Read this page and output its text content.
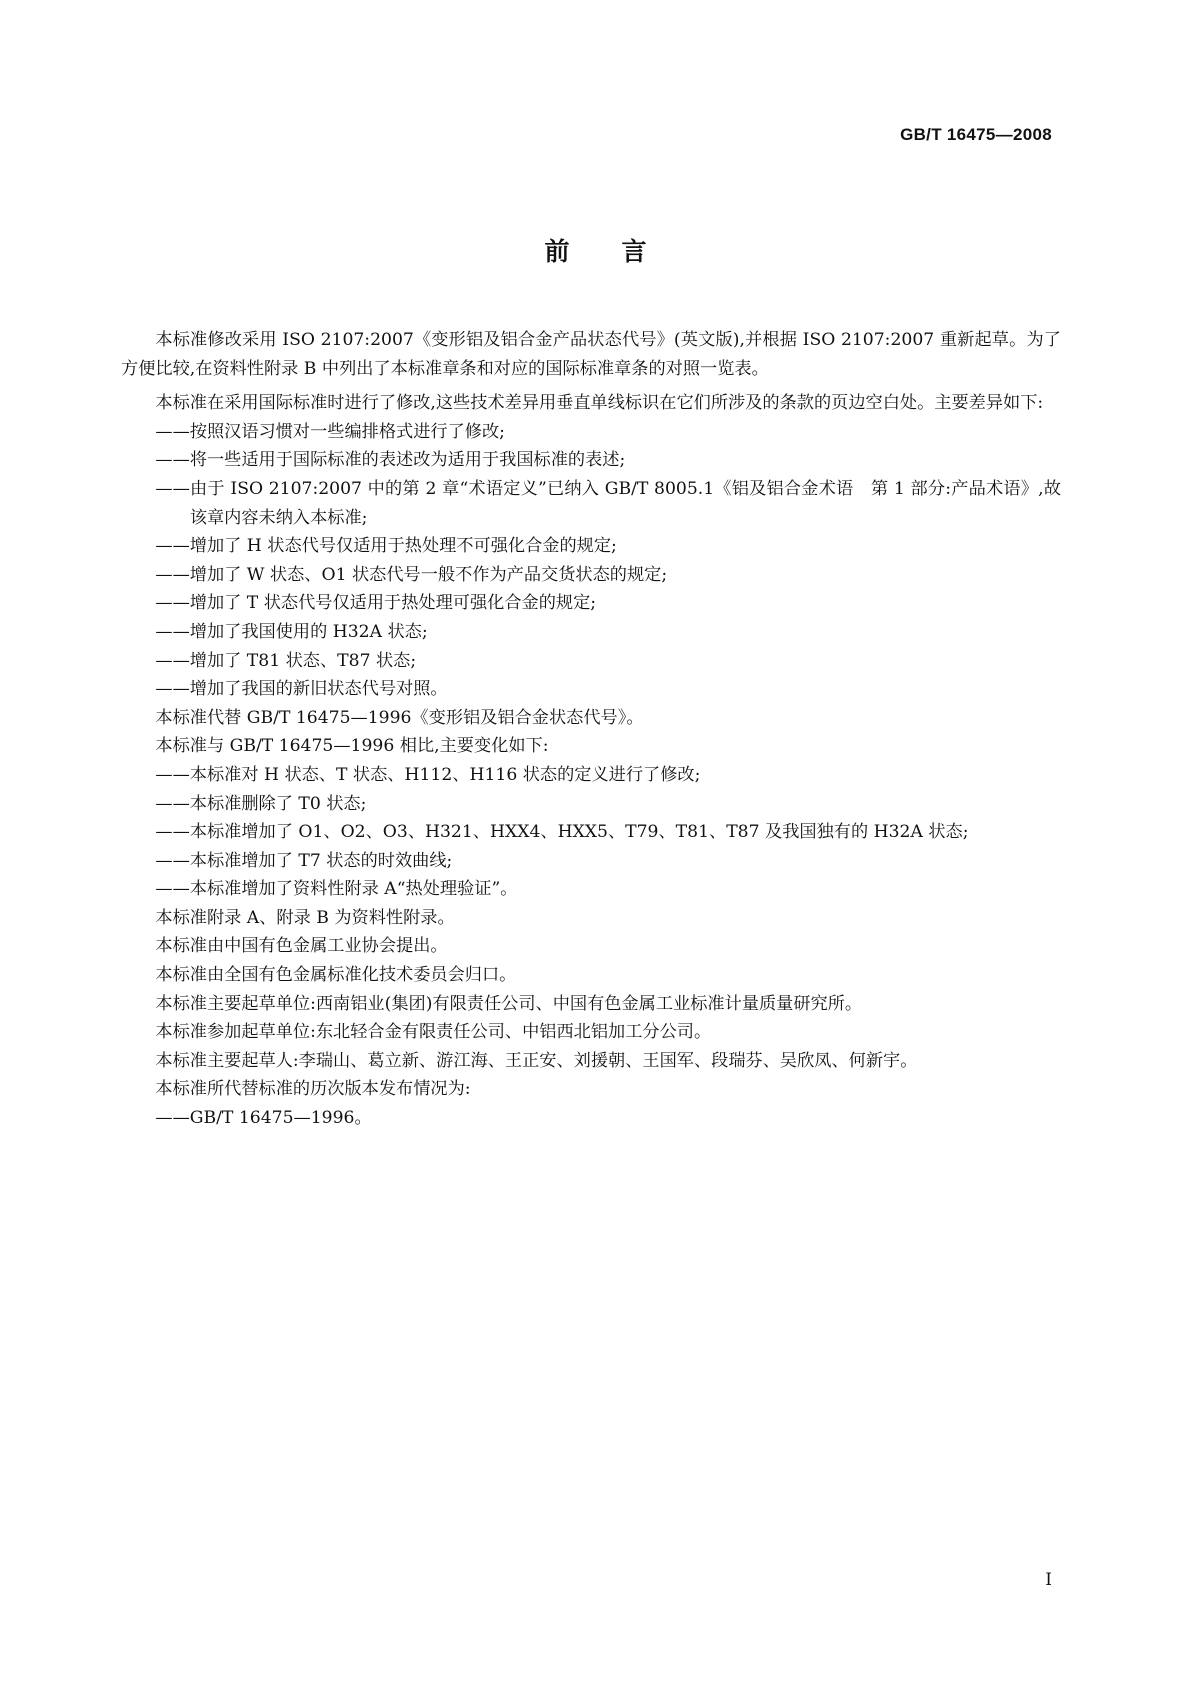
GB/T 16475—2008
前言

本标准修改采用 ISO 2107:2007《变形铝及铝合金产品状态代号》(英文版),并根据 ISO 2107:2007 重新起草。为了方便比较,在资料性附录 B 中列出了本标准章条和对应的国际标准章条的对照一览表。

本标准在采用国际标准时进行了修改,这些技术差异用垂直单线标识在它们所涉及的条款的页边空白处。主要差异如下:

——按照汉语习惯对一些编排格式进行了修改;

——将一些适用于国际标准的表述改为适用于我国标准的表述;

——由于 ISO 2107:2007 中的第 2 章“术语定义”已纳入 GB/T 8005.1《铝及铝合金术语　第 1 部分:产品术语》,故该章内容未纳入本标准;

——增加了 H 状态代号仅适用于热处理不可强化合金的规定;

——增加了 W 状态、O1 状态代号一般不作为产品交货状态的规定;

——增加了 T 状态代号仅适用于热处理可强化合金的规定;

——增加了我国使用的 H32A 状态;

——增加了 T81 状态、T87 状态;

——增加了我国的新旧状态代号对照。

本标准代替 GB/T 16475—1996《变形铝及铝合金状态代号》。

本标准与 GB/T 16475—1996 相比,主要变化如下:

——本标准对 H 状态、T 状态、H112、H116 状态的定义进行了修改;

——本标准删除了 T0 状态;

——本标准增加了 O1、O2、O3、H321、HXX4、HXX5、T79、T81、T87 及我国独有的 H32A 状态;

——本标准增加了 T7 状态的时效曲线;

——本标准增加了资料性附录 A“热处理验证”。

本标准附录 A、附录 B 为资料性附录。

本标准由中国有色金属工业协会提出。

本标准由全国有色金属标准化技术委员会归口。

本标准主要起草单位:西南铝业(集团)有限责任公司、中国有色金属工业标准计量质量研究所。

本标准参加起草单位:东北轻合金有限责任公司、中铝西北铝加工分公司。

本标准主要起草人:李瑞山、葛立新、游江海、王正安、刘援朝、王国军、段瑞芬、吴欣凤、何新宇。

本标准所代替标准的历次版本发布情况为:

——GB/T 16475—1996。

I
